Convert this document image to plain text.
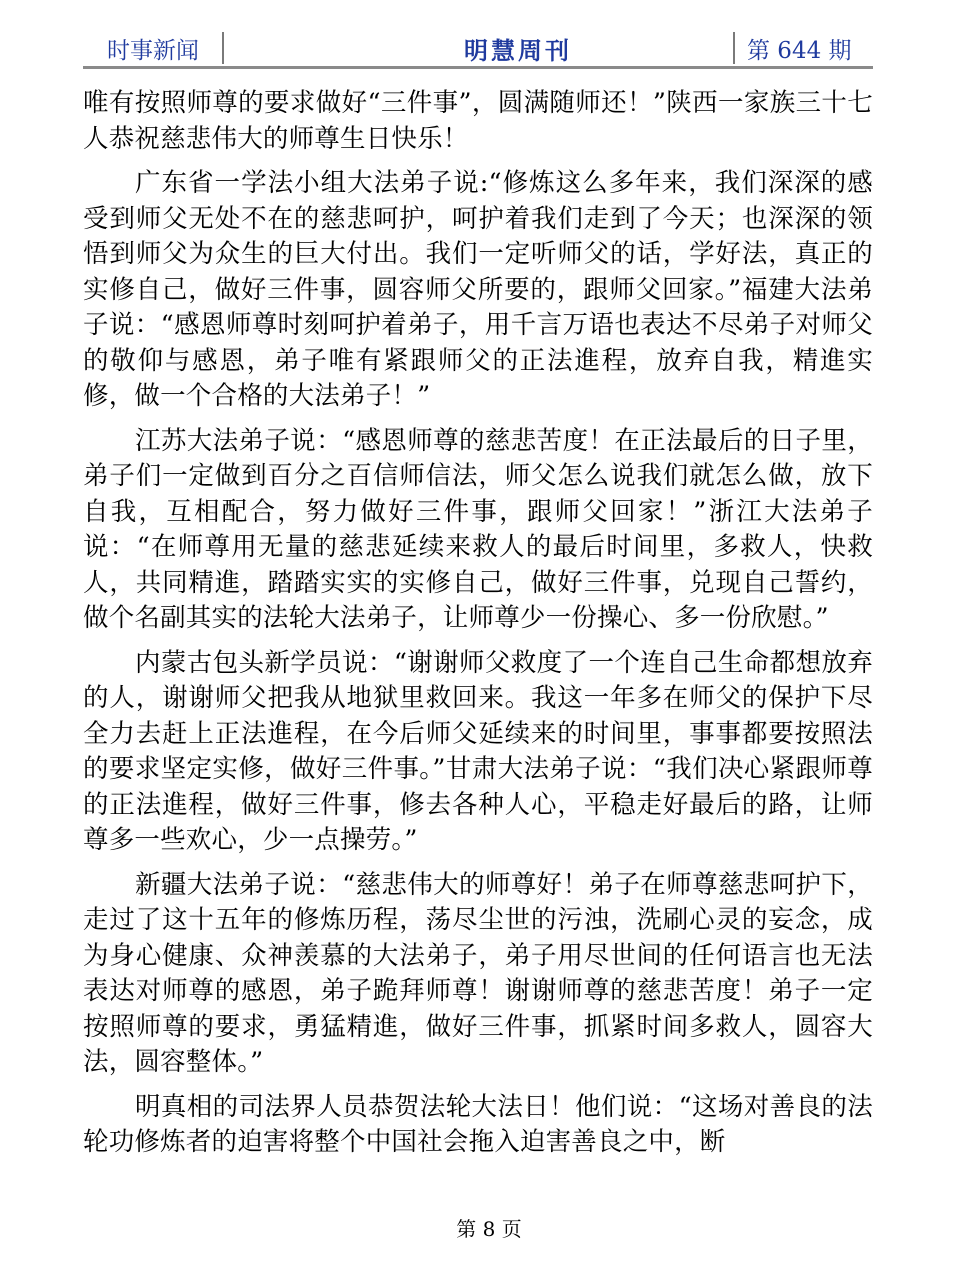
时事新闻	明慧周刊	第 644 期

唯有按照师尊的要求做好“三件事”，圆满随师还！”陕西一家族三十七人恭祝慈悲伟大的师尊生日快乐！

广东省一学法小组大法弟子说:“修炼这么多年来，我们深深的感受到师父无处不在的慈悲呵护，呵护着我们走到了今天；也深深的领悟到师父为众生的巨大付出。我们一定听师父的话，学好法，真正的实修自己，做好三件事，圆容师父所要的，跟师父回家。”福建大法弟子说：“感恩师尊时刻呵护着弟子，用千言万语也表达不尽弟子对师父的敬仰与感恩，弟子唯有紧跟师父的正法進程，放弃自我，精進实修，做一个合格的大法弟子！”

江苏大法弟子说：“感恩师尊的慈悲苦度！在正法最后的日子里，弟子们一定做到百分之百信师信法，师父怎么说我们就怎么做，放下自我，互相配合，努力做好三件事，跟师父回家！”浙江大法弟子说：“在师尊用无量的慈悲延续来救人的最后时间里，多救人，快救人，共同精進，踏踏实实的实修自己，做好三件事，兑现自己誓约，做个名副其实的法轮大法弟子，让师尊少一份操心、多一份欣慰。”

内蒙古包头新学员说：“谢谢师父救度了一个连自己生命都想放弃的人，谢谢师父把我从地狱里救回来。我这一年多在师父的保护下尽全力去赶上正法進程，在今后师父延续来的时间里，事事都要按照法的要求坚定实修，做好三件事。”甘肃大法弟子说：“我们决心紧跟师尊的正法進程，做好三件事，修去各种人心，平稳走好最后的路，让师尊多一些欢心，少一点操劳。”

新疆大法弟子说：“慈悲伟大的师尊好！弟子在师尊慈悲呵护下，走过了这十五年的修炼历程，荡尽尘世的污浊，洗刷心灵的妄念，成为身心健康、众神羡慕的大法弟子，弟子用尽世间的任何语言也无法表达对师尊的感恩，弟子跪拜师尊！谢谢师尊的慈悲苦度！弟子一定按照师尊的要求，勇猛精進，做好三件事，抓紧时间多救人，圆容大法，圆容整体。”

明真相的司法界人员恭贺法轮大法日！他们说：“这场对善良的法轮功修炼者的迫害将整个中国社会拖入迫害善良之中，断

第 8 页
